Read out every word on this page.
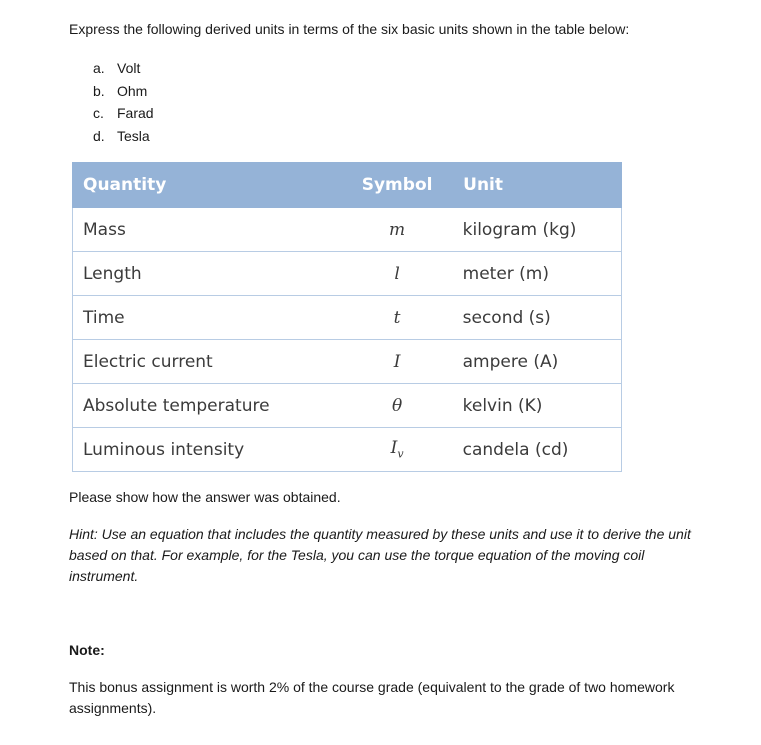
Express the following derived units in terms of the six basic units shown in the table below:

a. Volt
b. Ohm
c. Farad
d. Tesla
Quantity	Symbol	Unit
Mass	m	kilogram (kg)
Length	l	meter (m)
Time	t	second (s)
Electric current	I	ampere (A)
Absolute temperature	θ	kelvin (K)
Luminous intensity	$I_v$	candela (cd)

Please show how the answer was obtained.

Hint: Use an equation that includes the quantity measured by these units and use it to derive the unit based on that. For example, for the Tesla, you can use the torque equation of the moving coil instrument.

Note:

This bonus assignment is worth 2% of the course grade (equivalent to the grade of two homework assignments).
